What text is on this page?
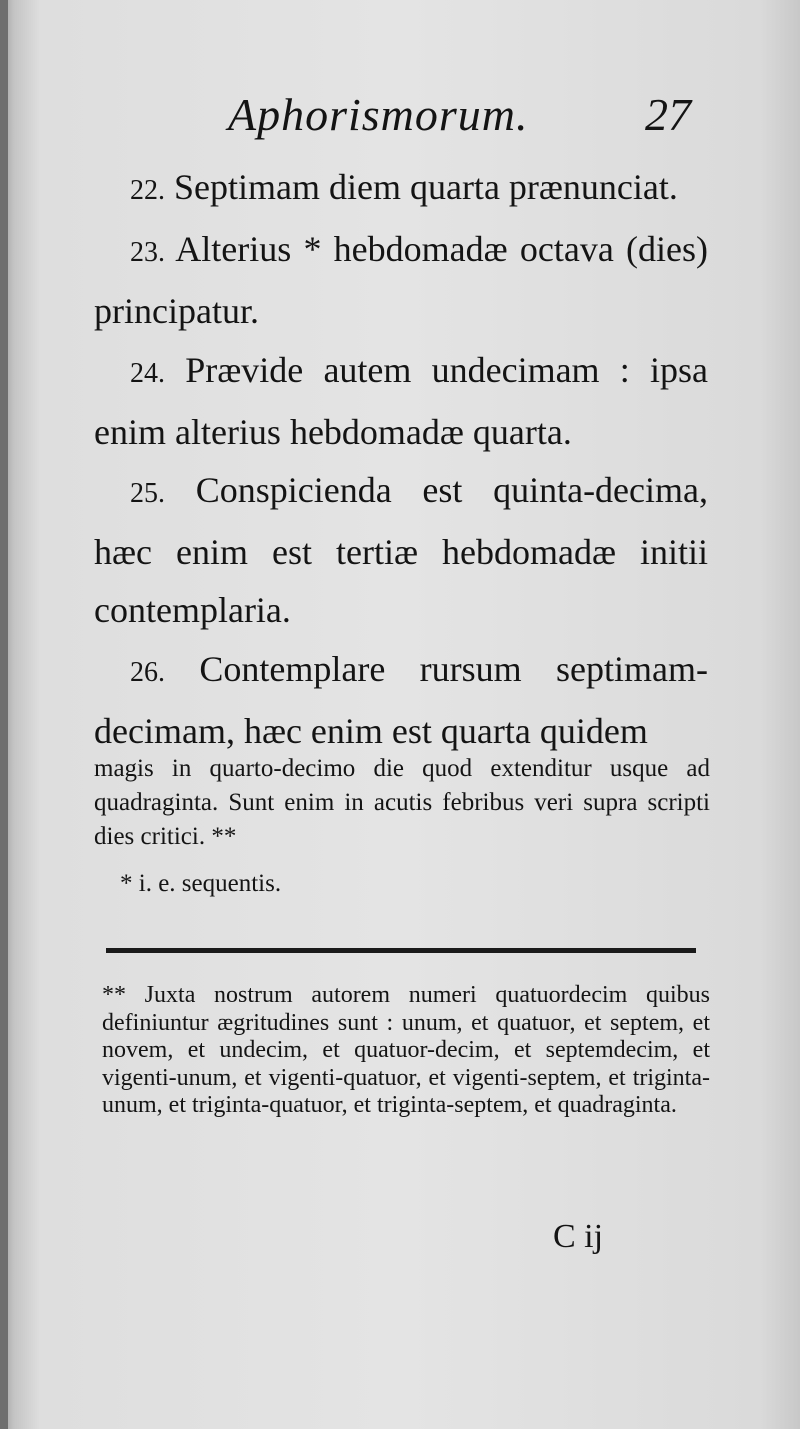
Aphorismorum.	27

22. Septimam diem quarta prænunciat.

23. Alterius * hebdomadæ octava (dies) principatur.

24. Prævide autem undecimam : ipsa enim alterius hebdomadæ quarta.

25. Conspicienda est quinta-decima, hæc enim est tertiæ hebdomadæ initii contemplaria.

26. Contemplare rursum septimam-decimam, hæc enim est quarta quidem

magis in quarto-decimo die quod extenditur usque ad quadraginta. Sunt enim in acutis febribus veri supra scripti dies critici. **

* i. e. sequentis.

** Juxta nostrum autorem numeri quatuordecim quibus definiuntur ægritudines sunt : unum, et quatuor, et septem, et novem, et undecim, et quatuor-decim, et septemdecim, et vigenti-unum, et vigenti-quatuor, et vigenti-septem, et triginta-unum, et triginta-quatuor, et triginta-septem, et quadraginta.

C ij
